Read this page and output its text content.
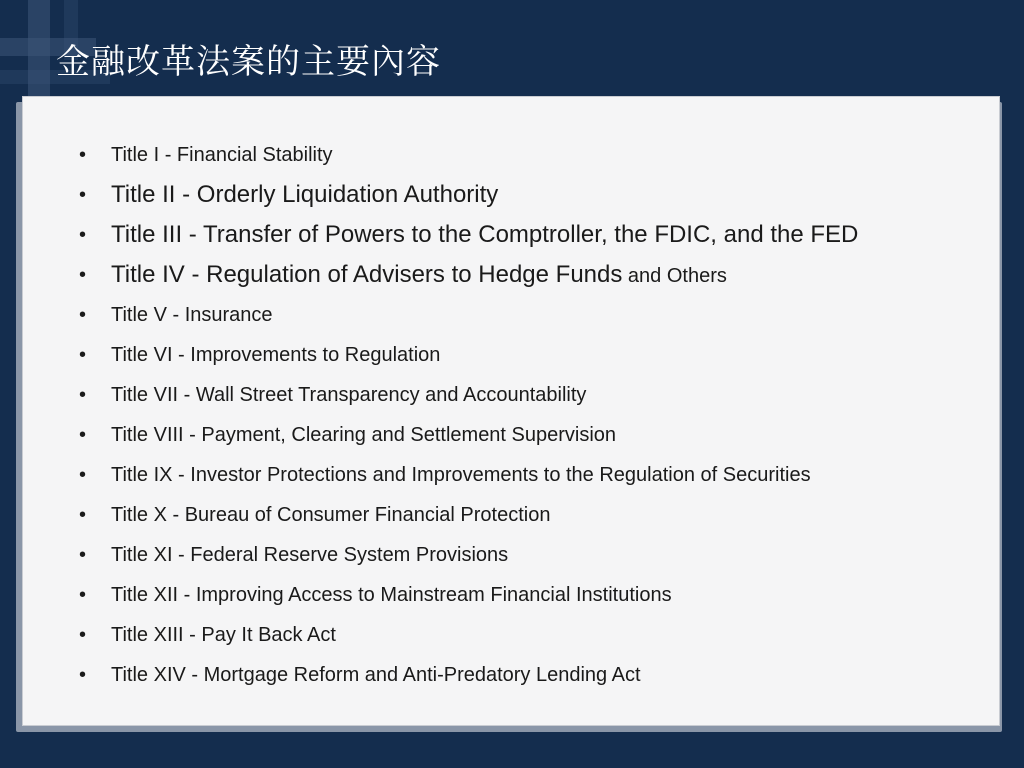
金融改革法案的主要內容
•	Title I - Financial Stability
•	Title II - Orderly Liquidation Authority
•	Title III - Transfer of Powers to the Comptroller, the FDIC, and the FED
•	Title IV - Regulation of Advisers to Hedge Funds and Others
•	Title V - Insurance
•	Title VI - Improvements to Regulation
•	Title VII - Wall Street Transparency and Accountability
•	Title VIII - Payment, Clearing and Settlement Supervision
•	Title IX - Investor Protections and Improvements to the Regulation of Securities
•	Title X - Bureau of Consumer Financial Protection
•	Title XI - Federal Reserve System Provisions
•	Title XII - Improving Access to Mainstream Financial Institutions
•	Title XIII - Pay It Back Act
•	Title XIV - Mortgage Reform and Anti-Predatory Lending Act
